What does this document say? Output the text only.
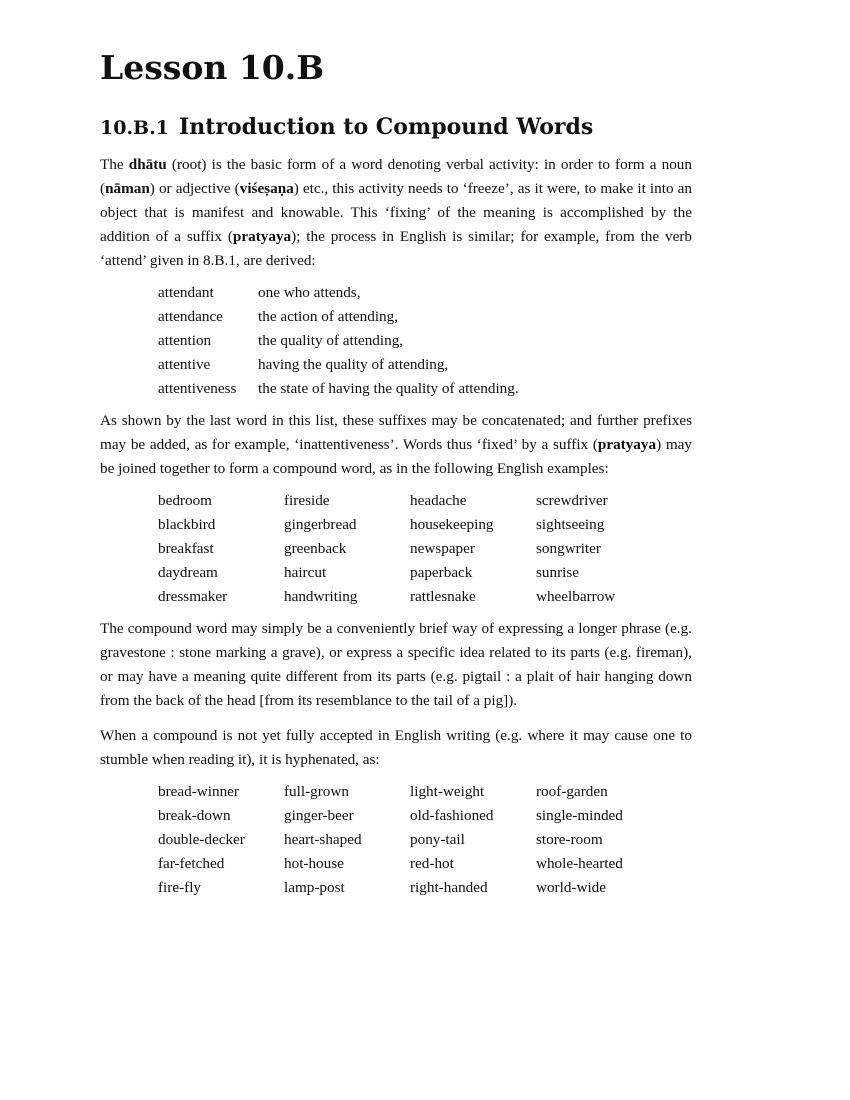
Lesson 10.B
10.B.1 Introduction to Compound Words

The dhātu (root) is the basic form of a word denoting verbal activity: in order to form a noun (nāman) or adjective (viśeṣaṇa) etc., this activity needs to ‘freeze’, as it were, to make it into an object that is manifest and knowable. This ‘fixing’ of the meaning is accomplished by the addition of a suffix (pratyaya); the process in English is similar; for example, from the verb ‘attend’ given in 8.B.1, are derived:

attendant	one who attends,
attendance	the action of attending,
attention	the quality of attending,
attentive	having the quality of attending,
attentiveness	the state of having the quality of attending.

As shown by the last word in this list, these suffixes may be concatenated; and further prefixes may be added, as for example, ‘inattentiveness’. Words thus ‘fixed’ by a suffix (pratyaya) may be joined together to form a compound word, as in the following English examples:

bedroom	fireside	headache	screwdriver
blackbird	gingerbread	housekeeping	sightseeing
breakfast	greenback	newspaper	songwriter
daydream	haircut	paperback	sunrise
dressmaker	handwriting	rattlesnake	wheelbarrow

The compound word may simply be a conveniently brief way of expressing a longer phrase (e.g. gravestone : stone marking a grave), or express a specific idea related to its parts (e.g. fireman), or may have a meaning quite different from its parts (e.g. pigtail : a plait of hair hanging down from the back of the head [from its resemblance to the tail of a pig]).

When a compound is not yet fully accepted in English writing (e.g. where it may cause one to stumble when reading it), it is hyphenated, as:

bread-winner	full-grown	light-weight	roof-garden
break-down	ginger-beer	old-fashioned	single-minded
double-decker	heart-shaped	pony-tail	store-room
far-fetched	hot-house	red-hot	whole-hearted
fire-fly	lamp-post	right-handed	world-wide
